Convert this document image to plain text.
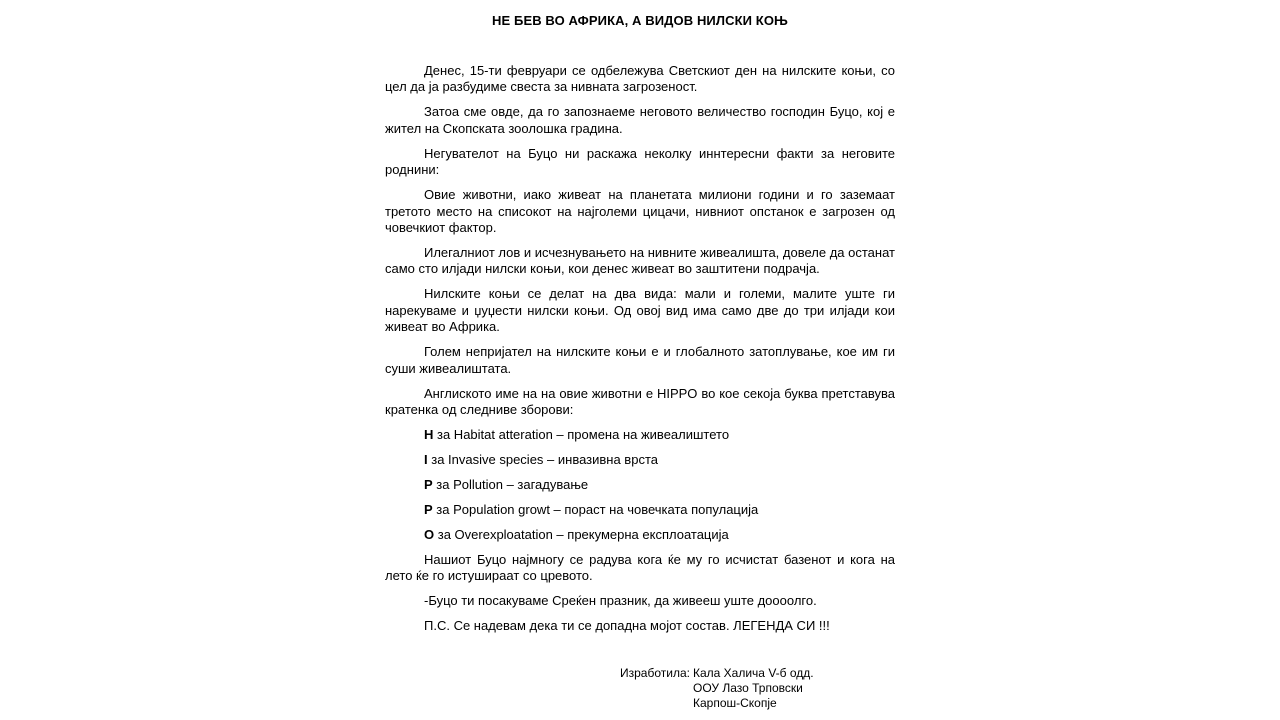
НЕ БЕВ ВО АФРИКА, А ВИДОВ НИЛСКИ КОЊ

Денес, 15-ти февруари се одбележува Светскиот ден на нилските коњи, со цел да ја разбудиме свеста за нивната загрозеност.

Затоа сме овде, да го запознаеме неговото величество господин Буцо, кој е жител на Скопската зоолошка градина.

Негувателот на Буцо ни раскажа неколку иннтересни факти за неговите роднини:

Овие животни, иако живеат на планетата милиони години и го заземаат третото место на списокот на најголеми цицачи, нивниот опстанок е загрозен од човечкиот фактор.

Илегалниот лов и исчезнувањето на нивните живеалишта, довеле да останат само сто илјади нилски коњи, кои денес живеат во заштитени подрачја.

Нилските коњи се делат на два вида: мали и големи, малите уште ги нарекуваме и џуџести нилски коњи. Од овој вид има само две до три илјади кои живеат во Африка.

Голем непријател на нилските коњи е и глобалното затоплување, кое им ги суши живеалиштата.

Англиското име на на овие животни е HIPPO во кое секоја буква претставува кратенка од следниве зборови:

H за Habitat atteration – промена на живеалиштето
I за Invasive species – инвазивна врста
P за Pollution – загадување
P за Population growt – пораст на човечката популација
O за Overexploatation – прекумерна експлоатација

Нашиот Буцо најмногу се радува кога ќе му го исчистат базенот и кога на лето ќе го истушираат со цревото.

-Буцо ти посакуваме Среќен празник, да живееш уште доооолго.

П.С. Се надевам дека ти се допадна мојот состав. ЛЕГЕНДА СИ !!!

Изработила: Кала Халича V-б одд.
ООУ Лазо Трповски
Карпош-Скопје
